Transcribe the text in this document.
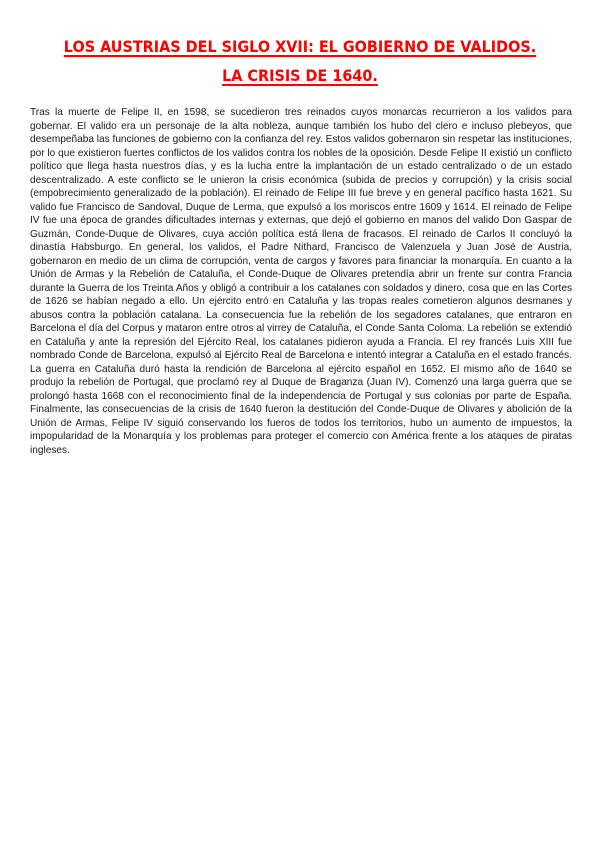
LOS AUSTRIAS DEL SIGLO XVII: EL GOBIERNO DE VALIDOS. LA CRISIS DE 1640.

Tras la muerte de Felipe II, en 1598, se sucedieron tres reinados cuyos monarcas recurrieron a los validos para gobernar. El valido era un personaje de la alta nobleza, aunque también los hubo del clero e incluso plebeyos, que desempeñaba las funciones de gobierno con la confianza del rey. Estos validos gobernaron sin respetar las instituciones, por lo que existieron fuertes conflictos de los validos contra los nobles de la oposición. Desde Felipe II existió un conflicto político que llega hasta nuestros días, y es la lucha entre la implantación de un estado centralizado o de un estado descentralizado. A este conflicto se le unieron la crisis económica (subida de precios y corrupción) y la crisis social (empobrecimiento generalizado de la población). El reinado de Felipe III fue breve y en general pacífico hasta 1621. Su valido fue Francisco de Sandoval, Duque de Lerma, que expulsó a los moriscos entre 1609 y 1614. El reinado de Felipe IV fue una época de grandes dificultades internas y externas, que dejó el gobierno en manos del valido Don Gaspar de Guzmán, Conde-Duque de Olivares, cuya acción política está llena de fracasos. El reinado de Carlos II concluyó la dinastía Habsburgo. En general, los validos, el Padre Nithard, Francisco de Valenzuela y Juan José de Austria, gobernaron en medio de un clima de corrupción, venta de cargos y favores para financiar la monarquía. En cuanto a la Unión de Armas y la Rebelión de Cataluña, el Conde-Duque de Olivares pretendía abrir un frente sur contra Francia durante la Guerra de los Treinta Años y obligó a contribuir a los catalanes con soldados y dinero, cosa que en las Cortes de 1626 se habían negado a ello. Un ejército entró en Cataluña y las tropas reales cometieron algunos desmanes y abusos contra la población catalana. La consecuencia fue la rebelión de los segadores catalanes, que entraron en Barcelona el día del Corpus y mataron entre otros al virrey de Cataluña, el Conde Santa Coloma. La rebelión se extendió en Cataluña y ante la represión del Ejército Real, los catalanes pidieron ayuda a Francia. El rey francés Luis XIII fue nombrado Conde de Barcelona, expulsó al Ejército Real de Barcelona e intentó integrar a Cataluña en el estado francés. La guerra en Cataluña duró hasta la rendición de Barcelona al ejército español en 1652. El mismo año de 1640 se produjo la rebelión de Portugal, que proclamó rey al Duque de Braganza (Juan IV). Comenzó una larga guerra que se prolongó hasta 1668 con el reconocimiento final de la independencia de Portugal y sus colonias por parte de España. Finalmente, las consecuencias de la crisis de 1640 fueron la destitución del Conde-Duque de Olivares y abolición de la Unión de Armas, Felipe IV siguió conservando los fueros de todos los territorios, hubo un aumento de impuestos, la impopularidad de la Monarquía y los problemas para proteger el comercio con América frente a los ataques de piratas ingleses.
